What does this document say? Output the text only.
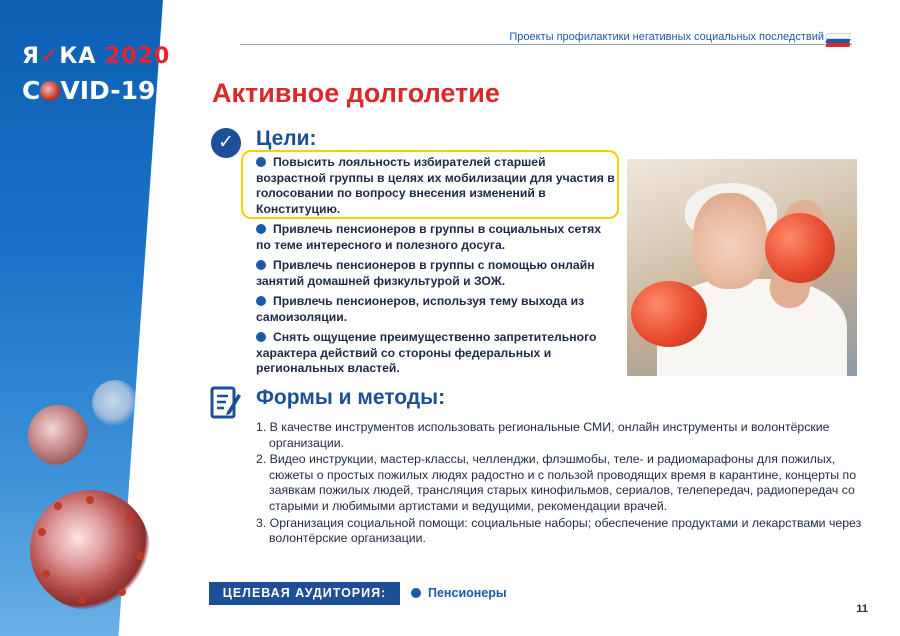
Я✓КА 2020
C VID-19
Проекты профилактики негативных социальных последствий
Активное долголетие
✓	Цели:
Повысить лояльность избирателей старшей возрастной группы в целях их мобилизации для участия в голосовании по вопросу внесения изменений в Конституцию.
Привлечь пенсионеров в группы в социальных сетях по теме интересного и полезного досуга.
Привлечь пенсионеров в группы с помощью онлайн занятий домашней физкультурой и ЗОЖ.
Привлечь пенсионеров, используя тему выхода из самоизоляции.
Снять ощущение преимущественно запретительного характера действий со стороны федеральных и региональных властей.
Формы и методы:
1. В качестве инструментов использовать региональные СМИ, онлайн инструменты и волонтёрские организации.
2. Видео инструкции, мастер-классы, челленджи, флэшмобы, теле- и радиомарафоны для пожилых, сюжеты о простых пожилых людях радостно и с пользой проводящих время в карантине, концерты по заявкам пожилых людей, трансляция старых кинофильмов, сериалов, телепередач, радиопередач со старыми и любимыми артистами и ведущими, рекомендации врачей.
3. Организация социальной помощи: социальные наборы; обеспечение продуктами и лекарствами через волонтёрские организации.
ЦЕЛЕВАЯ АУДИТОРИЯ:	Пенсионеры
11
